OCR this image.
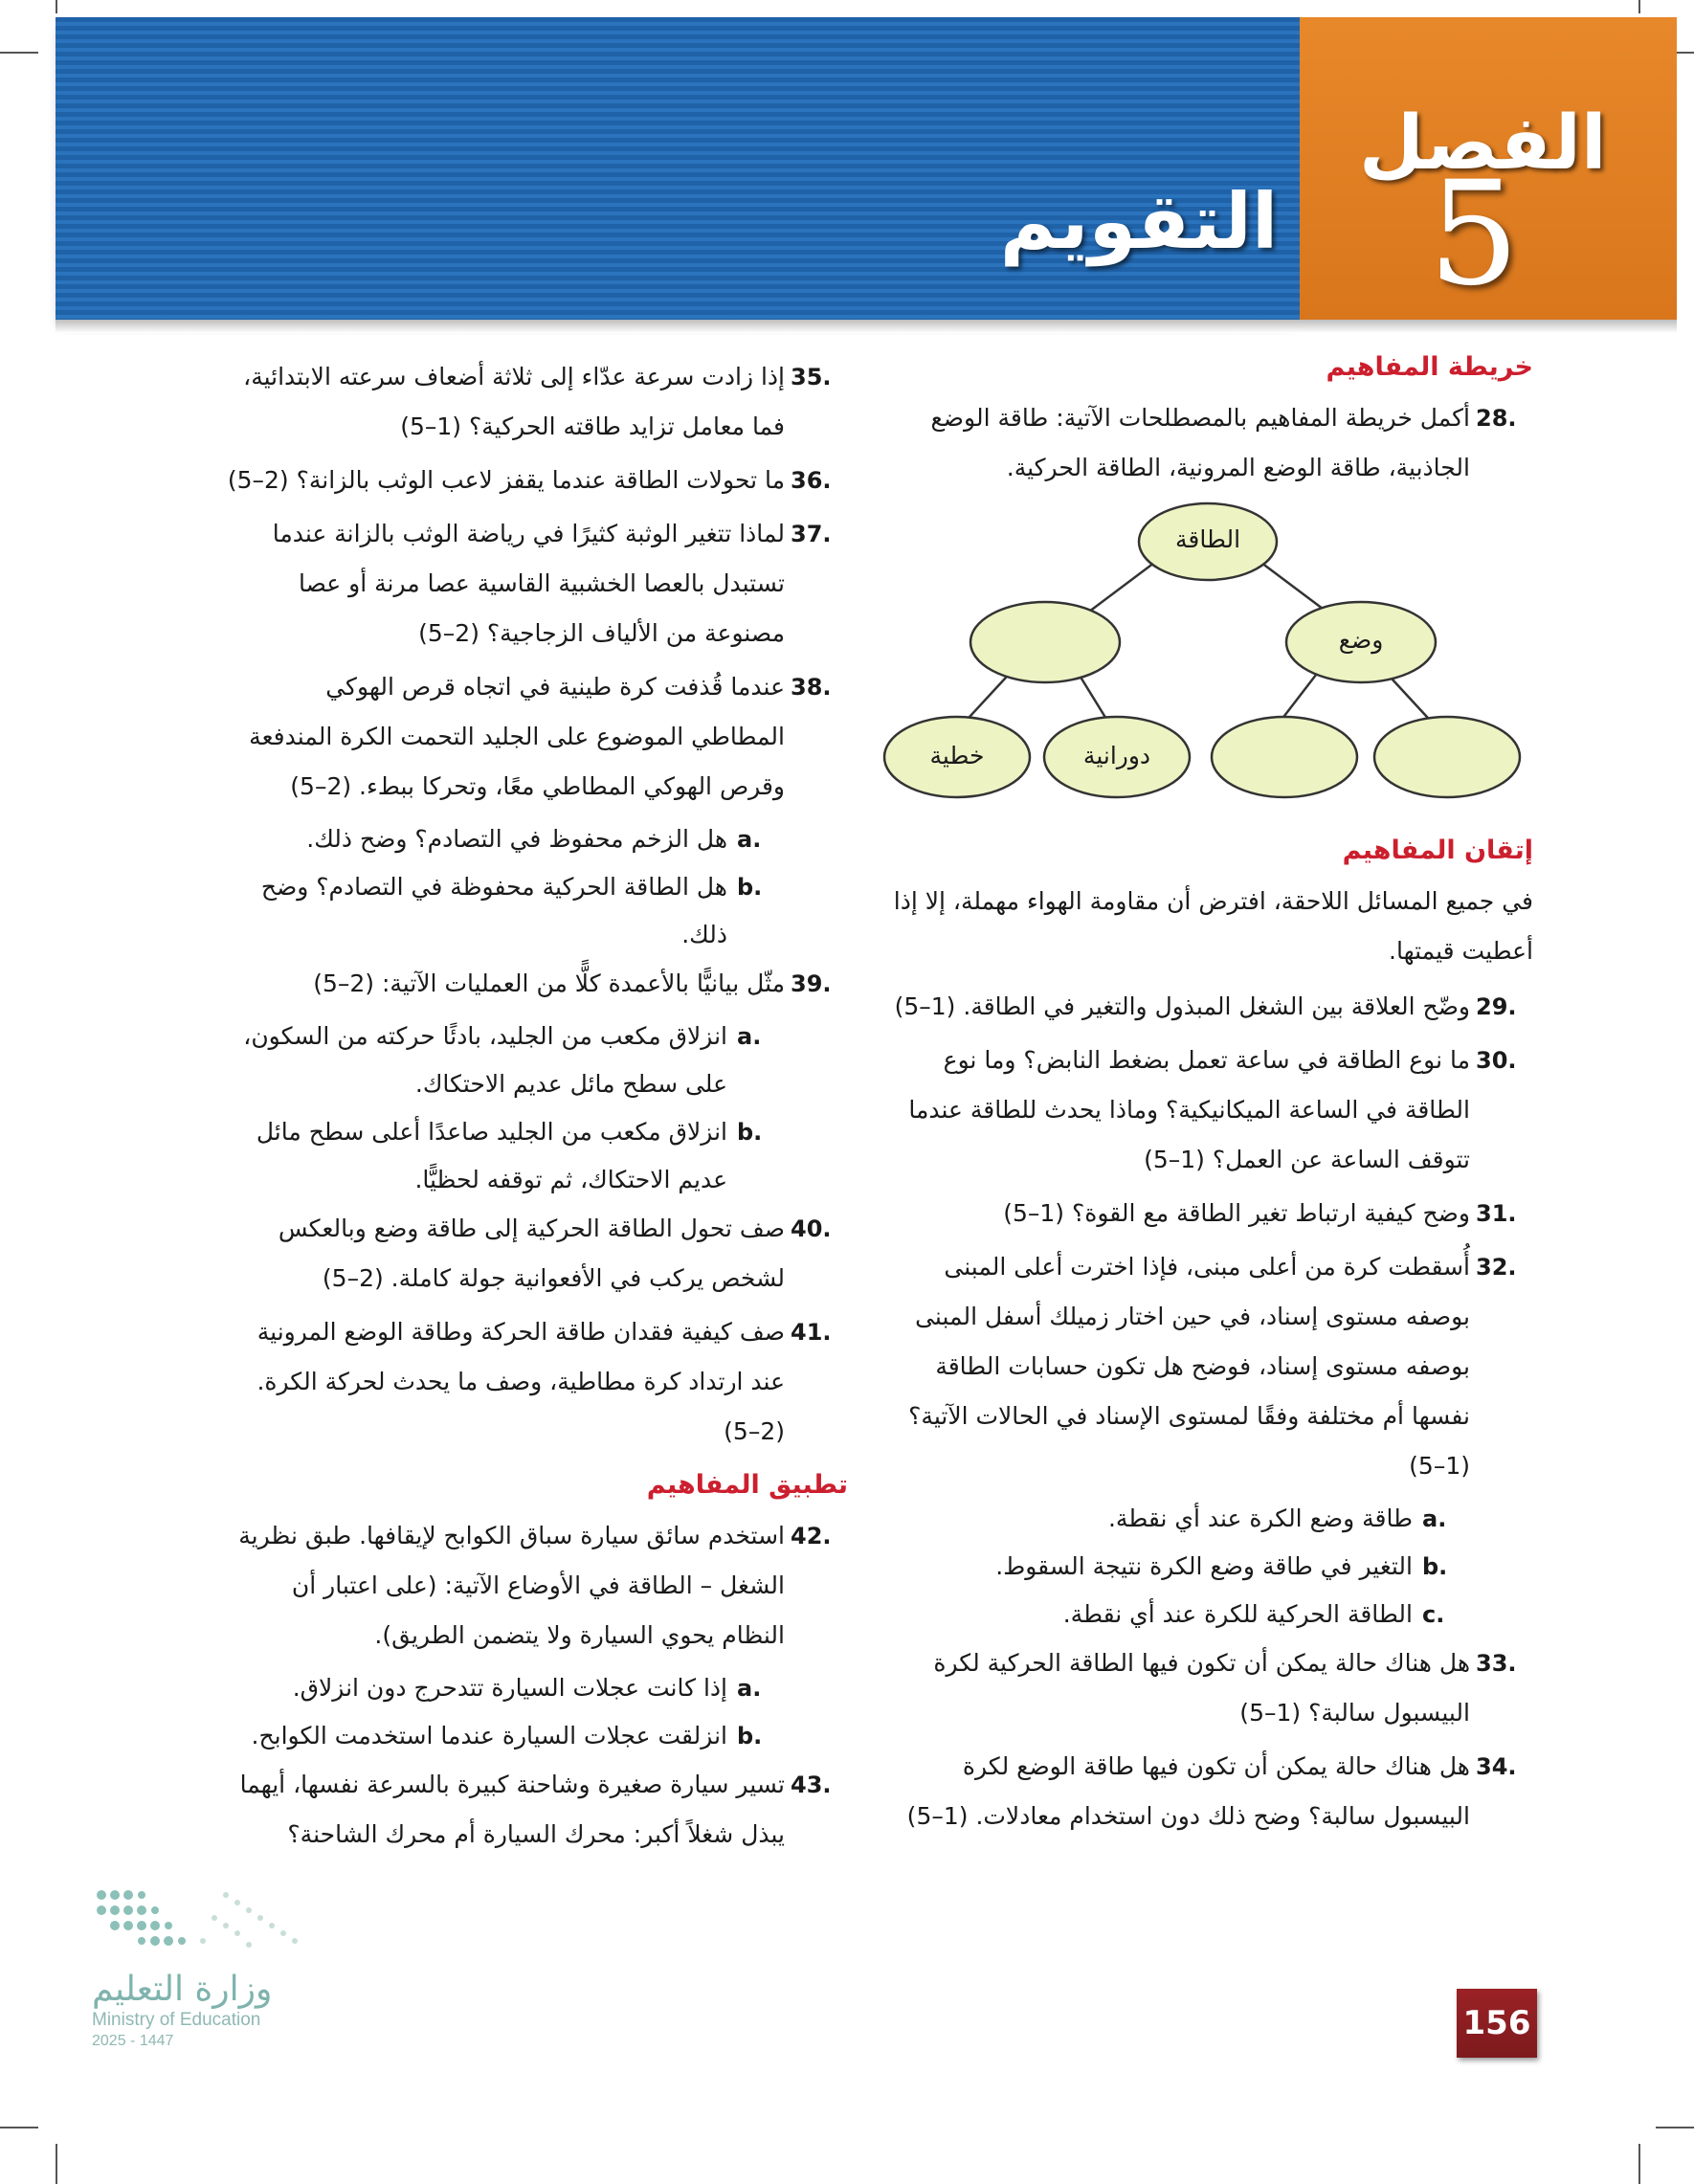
الفصل
5
التقويم
خريطة المفاهيم
28.
أكمل خريطة المفاهيم بالمصطلحات الآتية: طاقة الوضع الجاذبية، طاقة الوضع المرونية، الطاقة الحركية.
الطاقة
وضع
دورانية
خطية
إتقان المفاهيم
في جميع المسائل اللاحقة، افترض أن مقاومة الهواء مهملة، إلا إذا أعطيت قيمتها.
29.
وضّح العلاقة بين الشغل المبذول والتغير في الطاقة. (1–5)
30.
ما نوع الطاقة في ساعة تعمل بضغط النابض؟ وما نوع الطاقة في الساعة الميكانيكية؟ وماذا يحدث للطاقة عندما تتوقف الساعة عن العمل؟ (1–5)
31.
وضح كيفية ارتباط تغير الطاقة مع القوة؟ (1–5)
32.
أُسقطت كرة من أعلى مبنى، فإذا اخترت أعلى المبنى بوصفه مستوى إسناد، في حين اختار زميلك أسفل المبنى بوصفه مستوى إسناد، فوضح هل تكون حسابات الطاقة نفسها أم مختلفة وفقًا لمستوى الإسناد في الحالات الآتية؟ (1–5)
a.
طاقة وضع الكرة عند أي نقطة.
b.
التغير في طاقة وضع الكرة نتيجة السقوط.
c.
الطاقة الحركية للكرة عند أي نقطة.
33.
هل هناك حالة يمكن أن تكون فيها الطاقة الحركية لكرة البيسبول سالبة؟ (1–5)
34.
هل هناك حالة يمكن أن تكون فيها طاقة الوضع لكرة البيسبول سالبة؟ وضح ذلك دون استخدام معادلات. (1–5)
35.
إذا زادت سرعة عدّاء إلى ثلاثة أضعاف سرعته الابتدائية، فما معامل تزايد طاقته الحركية؟ (1–5)
36.
ما تحولات الطاقة عندما يقفز لاعب الوثب بالزانة؟ (2–5)
37.
لماذا تتغير الوثبة كثيرًا في رياضة الوثب بالزانة عندما تستبدل بالعصا الخشبية القاسية عصا مرنة أو عصا مصنوعة من الألياف الزجاجية؟ (2–5)
38.
عندما قُذفت كرة طينية في اتجاه قرص الهوكي المطاطي الموضوع على الجليد التحمت الكرة المندفعة وقرص الهوكي المطاطي معًا، وتحركا ببطء. (2–5)
a.
هل الزخم محفوظ في التصادم؟ وضح ذلك.
b.
هل الطاقة الحركية محفوظة في التصادم؟ وضح ذلك.
39.
مثّل بيانيًّا بالأعمدة كلًّا من العمليات الآتية: (2–5)
a.
انزلاق مكعب من الجليد، بادئًا حركته من السكون، على سطح مائل عديم الاحتكاك.
b.
انزلاق مكعب من الجليد صاعدًا أعلى سطح مائل عديم الاحتكاك، ثم توقفه لحظيًّا.
40.
صف تحول الطاقة الحركية إلى طاقة وضع وبالعكس لشخص يركب في الأفعوانية جولة كاملة. (2–5)
41.
صف كيفية فقدان طاقة الحركة وطاقة الوضع المرونية عند ارتداد كرة مطاطية، وصف ما يحدث لحركة الكرة. (2–5)
تطبيق المفاهيم
42.
استخدم سائق سيارة سباق الكوابح لإيقافها. طبق نظرية الشغل – الطاقة في الأوضاع الآتية: (على اعتبار أن النظام يحوي السيارة ولا يتضمن الطريق).
a.
إذا كانت عجلات السيارة تتدحرج دون انزلاق.
b.
انزلقت عجلات السيارة عندما استخدمت الكوابح.
43.
تسير سيارة صغيرة وشاحنة كبيرة بالسرعة نفسها، أيهما يبذل شغلاً أكبر: محرك السيارة أم محرك الشاحنة؟
156
وزارة التعليم
Ministry of Education
2025 - 1447
